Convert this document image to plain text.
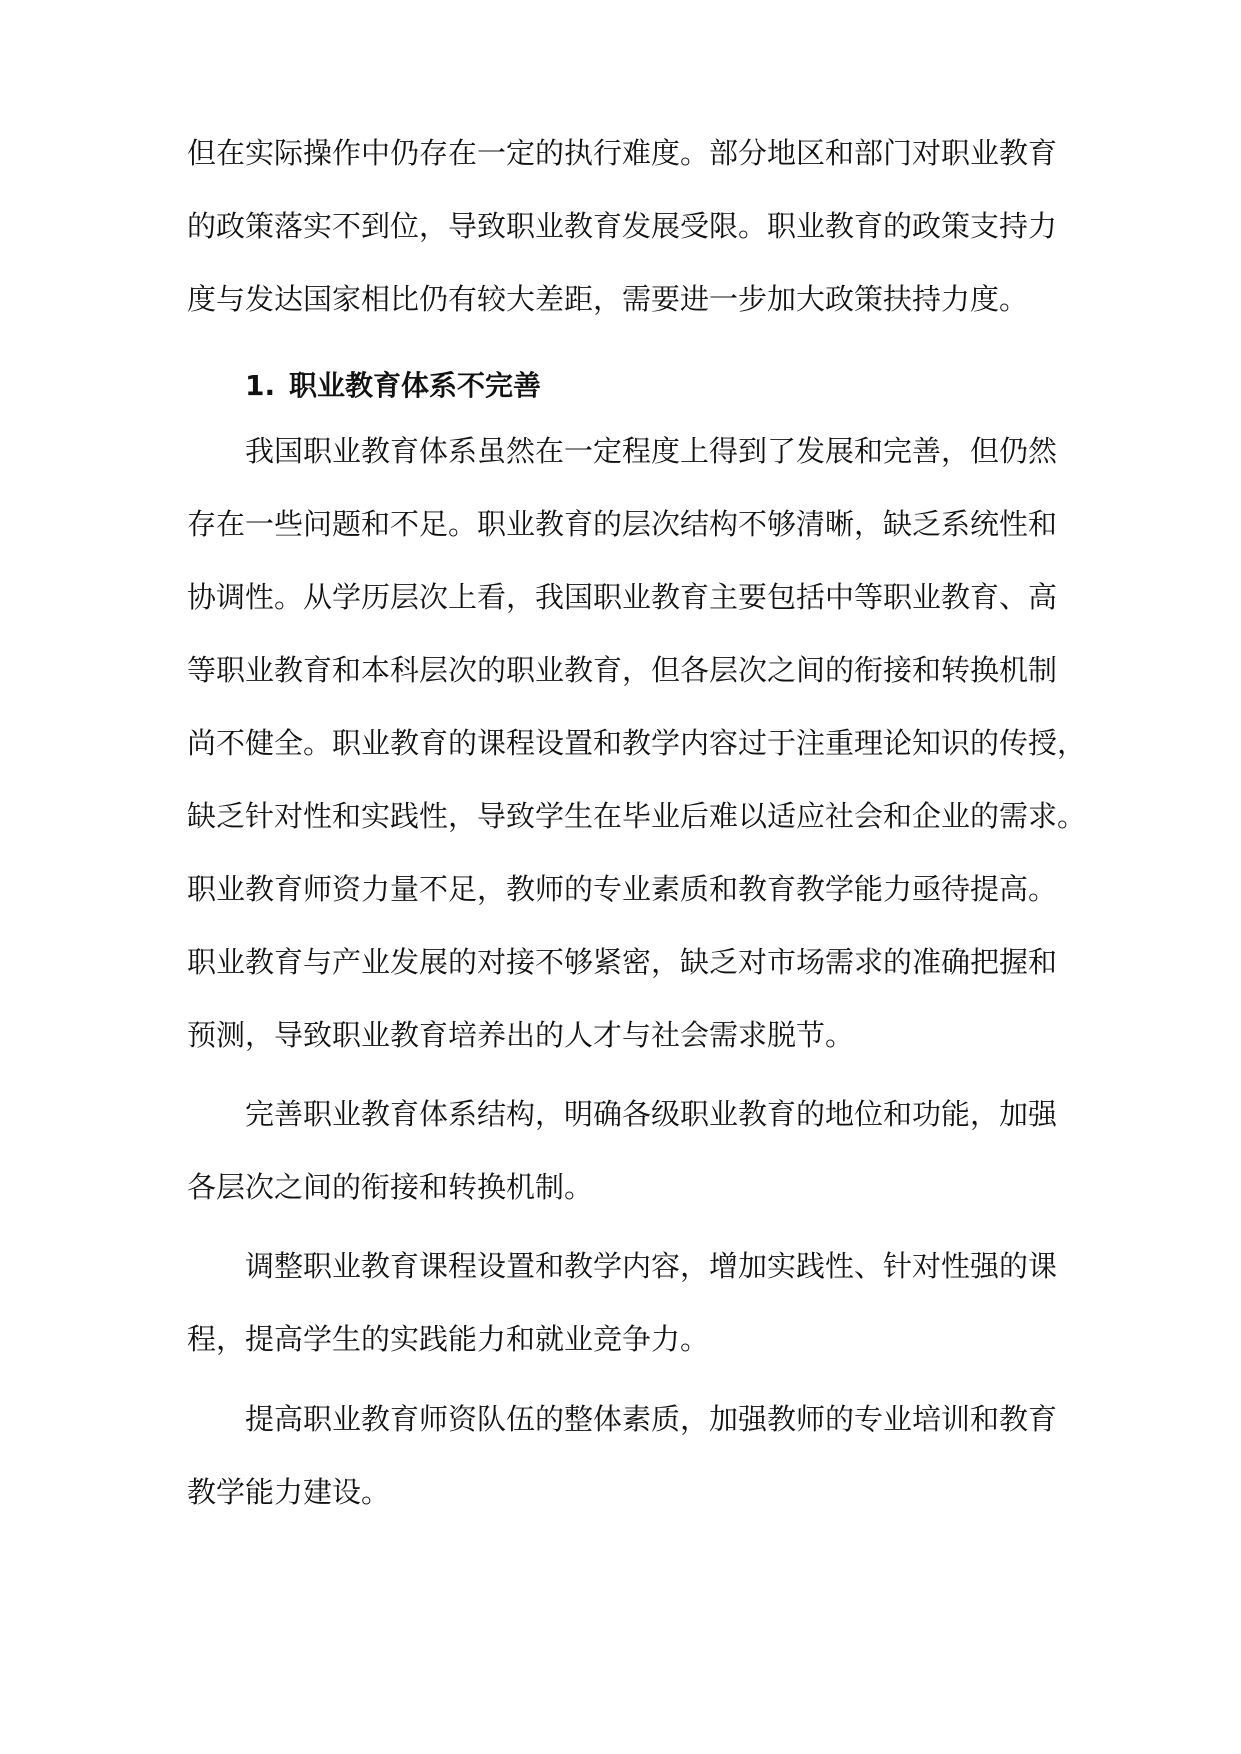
但在实际操作中仍存在一定的执行难度。部分地区和部门对职业教育
的政策落实不到位，导致职业教育发展受限。职业教育的政策支持力
度与发达国家相比仍有较大差距，需要进一步加大政策扶持力度。
1. 职业教育体系不完善
我国职业教育体系虽然在一定程度上得到了发展和完善，但仍然
存在一些问题和不足。职业教育的层次结构不够清晰，缺乏系统性和
协调性。从学历层次上看，我国职业教育主要包括中等职业教育、高
等职业教育和本科层次的职业教育，但各层次之间的衔接和转换机制
尚不健全。职业教育的课程设置和教学内容过于注重理论知识的传授，
缺乏针对性和实践性，导致学生在毕业后难以适应社会和企业的需求。
职业教育师资力量不足，教师的专业素质和教育教学能力亟待提高。
职业教育与产业发展的对接不够紧密，缺乏对市场需求的准确把握和
预测，导致职业教育培养出的人才与社会需求脱节。
完善职业教育体系结构，明确各级职业教育的地位和功能，加强
各层次之间的衔接和转换机制。
调整职业教育课程设置和教学内容，增加实践性、针对性强的课
程，提高学生的实践能力和就业竞争力。
提高职业教育师资队伍的整体素质，加强教师的专业培训和教育
教学能力建设。
